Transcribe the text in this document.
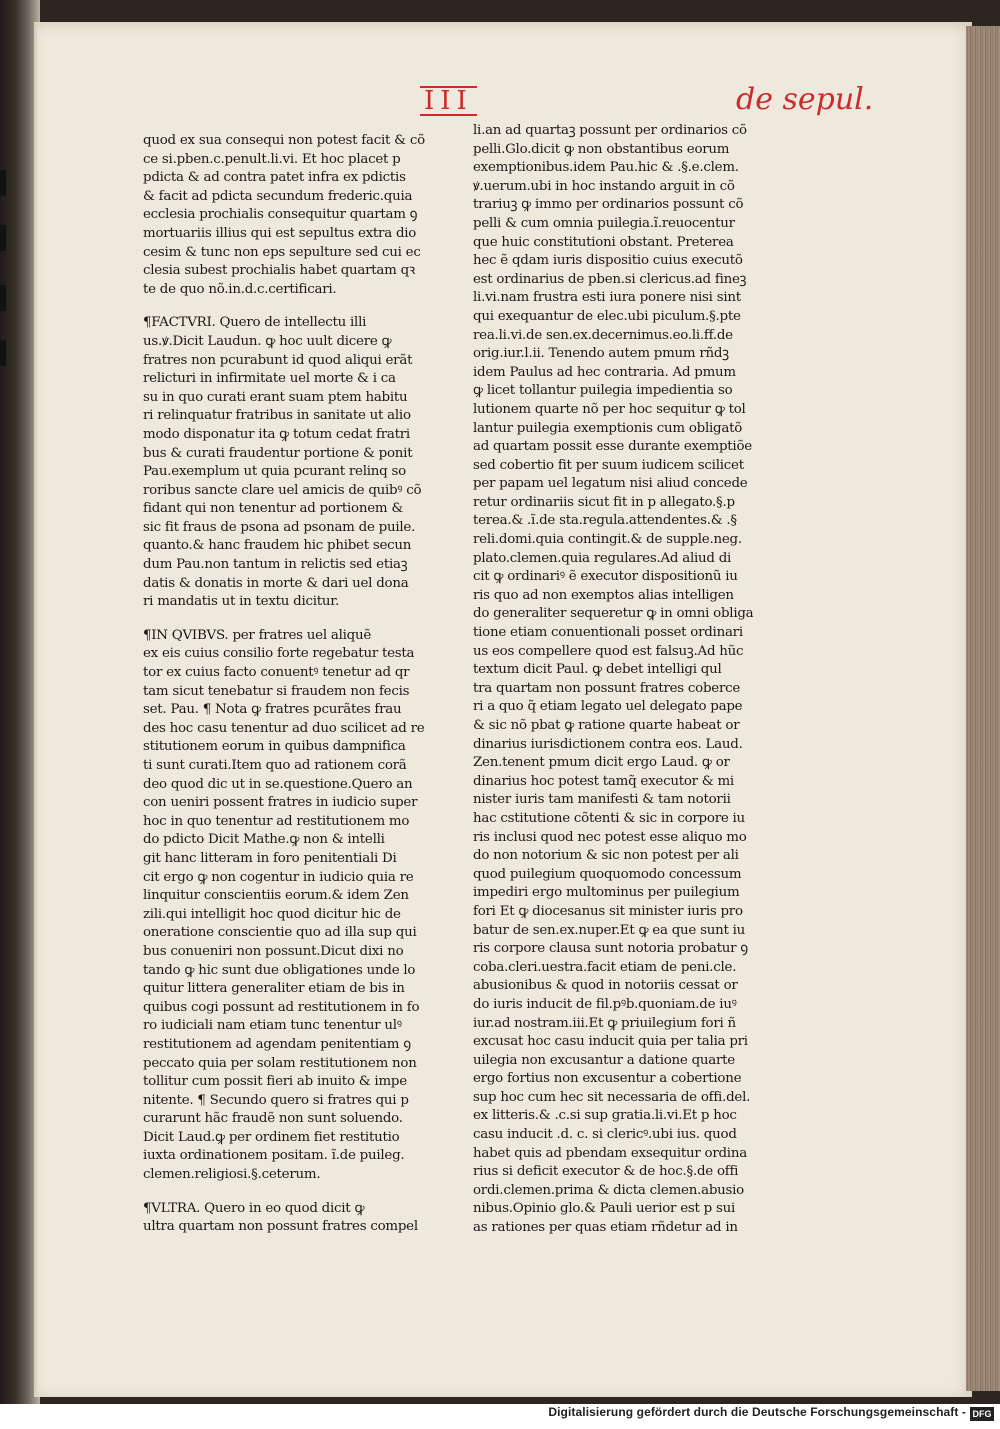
III	de sepul.
quod ex sua consequi non potest facit & cõ
ce si.pben.c.penult.li.vi. Et hoc placet p
pdicta & ad contra patet infra ex pdictis
& facit ad pdicta secundum frederic.quia
ecclesia prochialis consequitur quartam ꝯ
mortuariis illius qui est sepultus extra dio
cesim & tunc non eps sepulture sed cui ec
clesia subest prochialis habet quartam qꝛ
te de quo nõ.in.d.c.certificari.
¶FACTVRI. Quero de intellectu illi
us.ꝟ.Dicit Laudun. ꝙ hoc uult dicere ꝙ
fratres non pcurabunt id quod aliqui erãt
relicturi in infirmitate uel morte & i ca
su in quo curati erant suam ptem habitu
ri relinquatur fratribus in sanitate ut alio
modo disponatur ita ꝙ totum cedat fratri
bus & curati fraudentur portione & ponit
Pau.exemplum ut quia pcurant relinq so
roribus sancte clare uel amicis de quibꝰ cõ
fidant qui non tenentur ad portionem &
sic fit fraus de psona ad psonam de puile.
quanto.& hanc fraudem hic phibet secun
dum Pau.non tantum in relictis sed etiaꝫ
datis & donatis in morte & dari uel dona
ri mandatis ut in textu dicitur.
¶IN QVIBVS. per fratres uel aliquẽ
ex eis cuius consilio forte regebatur testa
tor ex cuius facto conuentꝰ tenetur ad qr
tam sicut tenebatur si fraudem non fecis
set. Pau. ¶ Nota ꝙ fratres pcurãtes frau
des hoc casu tenentur ad duo scilicet ad re
stitutionem eorum in quibus dampnifica
ti sunt curati.Item quo ad rationem corã
deo quod dic ut in se.questione.Quero an
con ueniri possent fratres in iudicio super
hoc in quo tenentur ad restitutionem mo
do pdicto Dicit Mathe.ꝙ non & intelli
git hanc litteram in foro penitentiali Di
cit ergo ꝙ non cogentur in iudicio quia re
linquitur conscientiis eorum.& idem Zen
zili.qui intelligit hoc quod dicitur hic de
oneratione conscientie quo ad illa sup qui
bus conueniri non possunt.Dicut dixi no
tando ꝙ hic sunt due obligationes unde lo
quitur littera generaliter etiam de bis in
quibus cogi possunt ad restitutionem in fo
ro iudiciali nam etiam tunc tenentur ulꝰ
restitutionem ad agendam penitentiam ꝯ
peccato quia per solam restitutionem non
tollitur cum possit fieri ab inuito & impe
nitente. ¶ Secundo quero si fratres qui p
curarunt hãc fraudẽ non sunt soluendo.
Dicit Laud.ꝙ per ordinem fiet restitutio
iuxta ordinationem positam. ĩ.de puileg.
clemen.religiosi.§.ceterum.
¶VLTRA. Quero in eo quod dicit ꝙ
ultra quartam non possunt fratres compel
li.an ad quartaꝫ possunt per ordinarios cõ
pelli.Glo.dicit ꝙ non obstantibus eorum
exemptionibus.idem Pau.hic & .§.e.clem.
ꝟ.uerum.ubi in hoc instando arguit in cõ
trariuꝫ ꝙ immo per ordinarios possunt cõ
pelli & cum omnia puilegia.ĩ.reuocentur
que huic constitutioni obstant. Preterea
hec ẽ qdam iuris dispositio cuius executõ
est ordinarius de pben.si clericus.ad fineꝫ
li.vi.nam frustra esti iura ponere nisi sint
qui exequantur de elec.ubi piculum.§.pte
rea.li.vi.de sen.ex.decernimus.eo.li.ff.de
orig.iur.l.ii. Tenendo autem pmum rñdꝫ
idem Paulus ad hec contraria. Ad pmum
ꝙ licet tollantur puilegia impedientia so
lutionem quarte nõ per hoc sequitur ꝙ tol
lantur puilegia exemptionis cum obligatõ
ad quartam possit esse durante exemptiõe
sed cobertio fit per suum iudicem scilicet
per papam uel legatum nisi aliud concede
retur ordinariis sicut fit in p allegato.§.p
terea.& .ĩ.de sta.regula.attendentes.& .§
reli.domi.quia contingit.& de supple.neg.
plato.clemen.quia regulares.Ad aliud di
cit ꝙ ordinariꝰ ẽ executor dispositionũ iu
ris quo ad non exemptos alias intelligen
do generaliter sequeretur ꝙ in omni obliga
tione etiam conuentionali posset ordinari
us eos compellere quod est falsuꝫ.Ad hũc
textum dicit Paul. ꝙ debet intelligi qul
tra quartam non possunt fratres coberce
ri a quo q̃ etiam legato uel delegato pape
& sic nõ pbat ꝙ ratione quarte habeat or
dinarius iurisdictionem contra eos. Laud.
Zen.tenent pmum dicit ergo Laud. ꝙ or
dinarius hoc potest tamq̃ executor & mi
nister iuris tam manifesti & tam notorii
hac cstitutione cõtenti & sic in corpore iu
ris inclusi quod nec potest esse aliquo mo
do non notorium & sic non potest per ali
quod puilegium quoquomodo concessum
impediri ergo multominus per puilegium
fori Et ꝙ diocesanus sit minister iuris pro
batur de sen.ex.nuper.Et ꝙ ea que sunt iu
ris corpore clausa sunt notoria probatur ꝯ
coba.cleri.uestra.facit etiam de peni.cle.
abusionibus & quod in notoriis cessat or
do iuris inducit de fil.pꝰb.quoniam.de iuꝰ
iur.ad nostram.iii.Et ꝙ priuilegium fori ñ
excusat hoc casu inducit quia per talia pri
uilegia non excusantur a datione quarte
ergo fortius non excusentur a cobertione
sup hoc cum hec sit necessaria de offi.del.
ex litteris.& .c.si sup gratia.li.vi.Et p hoc
casu inducit .d. c. si clericꝰ.ubi ius. quod
habet quis ad pbendam exsequitur ordina
rius si deficit executor & de hoc.§.de offi
ordi.clemen.prima & dicta clemen.abusio
nibus.Opinio glo.& Pauli uerior est p sui
as rationes per quas etiam rñdetur ad in
Digitalisierung gefördert durch die Deutsche Forschungsgemeinschaft - DFG
